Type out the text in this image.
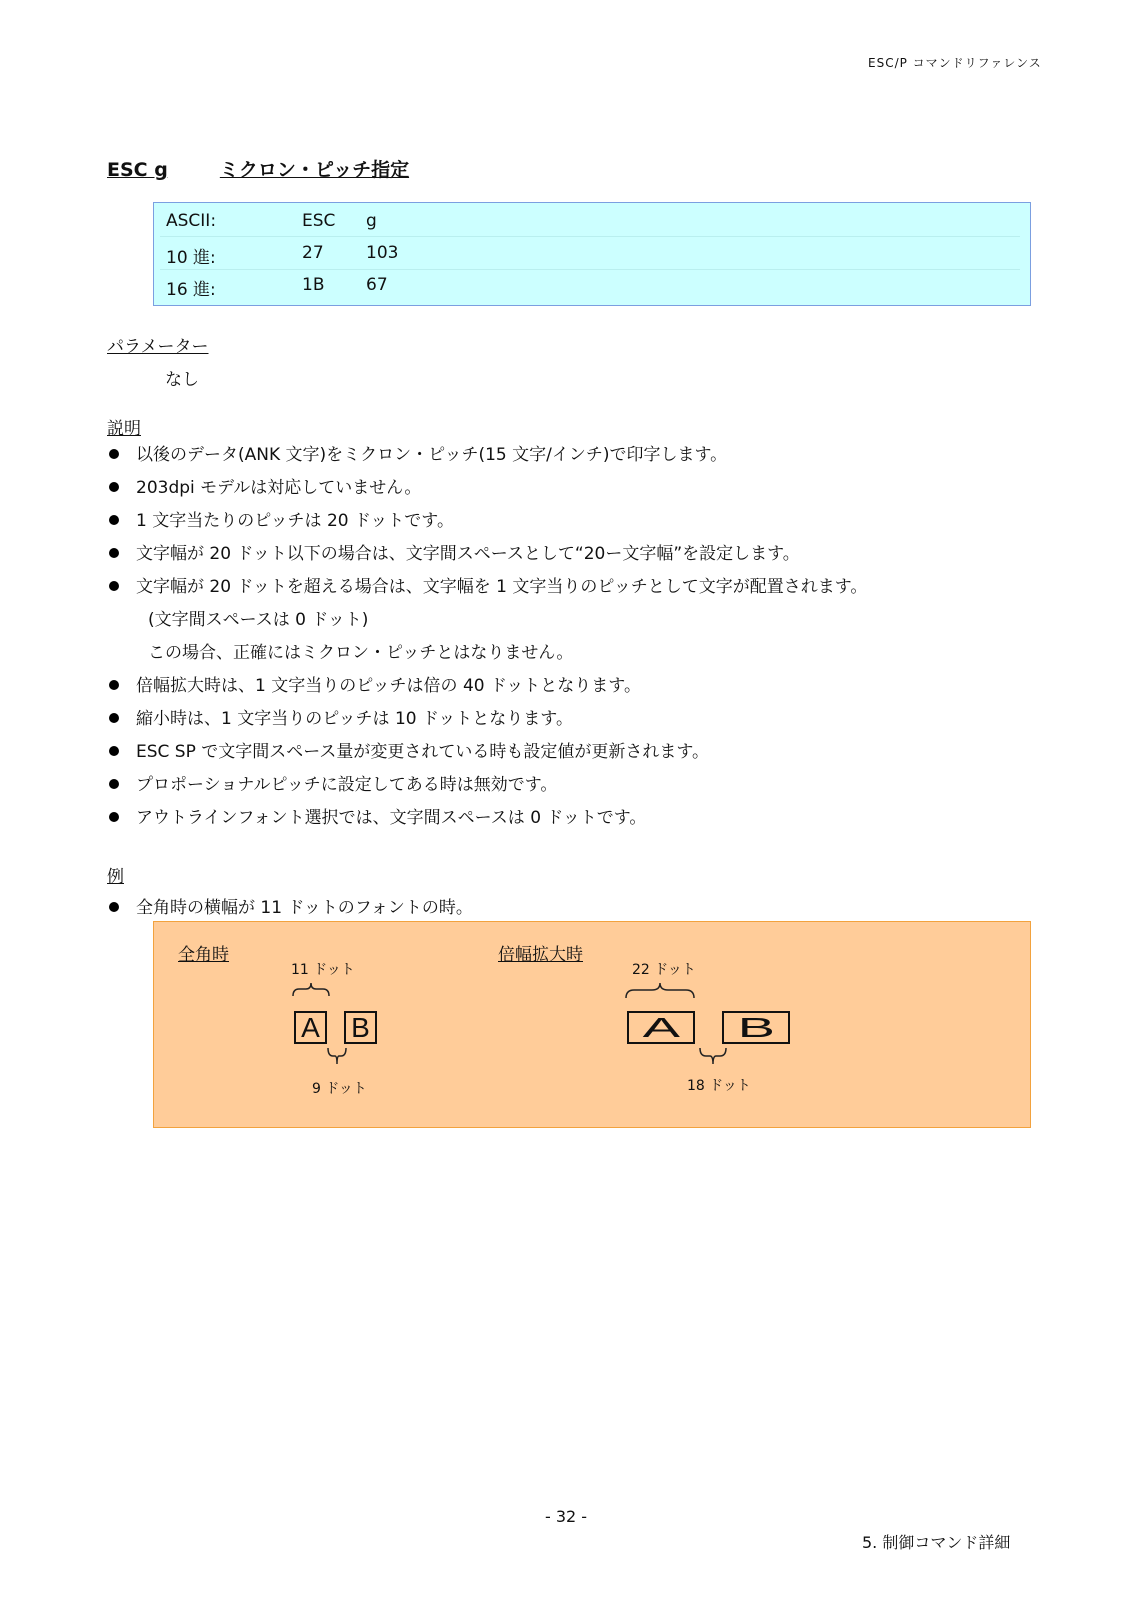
ESC/P コマンドリファレンス
ESC g	ミクロン・ピッチ指定
ASCII:	ESC g
10 進:	27 103
16 進:	1B 67
パラメーター
なし
説明
以後のデータ(ANK 文字)をミクロン・ピッチ(15 文字/インチ)で印字します。
203dpi モデルは対応していません。
1 文字当たりのピッチは 20 ドットです。
文字幅が 20 ドット以下の場合は、文字間スペースとして“20ー文字幅”を設定します。
文字幅が 20 ドットを超える場合は、文字幅を 1 文字当りのピッチとして文字が配置されます。
(文字間スペースは 0 ドット)
この場合、正確にはミクロン・ピッチとはなりません。
倍幅拡大時は、1 文字当りのピッチは倍の 40 ドットとなります。
縮小時は、1 文字当りのピッチは 10 ドットとなります。
ESC SP で文字間スペース量が変更されている時も設定値が更新されます。
プロポーショナルピッチに設定してある時は無効です。
アウトラインフォント選択では、文字間スペースは 0 ドットです。
例
全角時の横幅が 11 ドットのフォントの時。
全角時
11 ドット
A B
9 ドット
倍幅拡大時
22 ドット
A	B
18 ドット
- 32 -
5. 制御コマンド詳細
